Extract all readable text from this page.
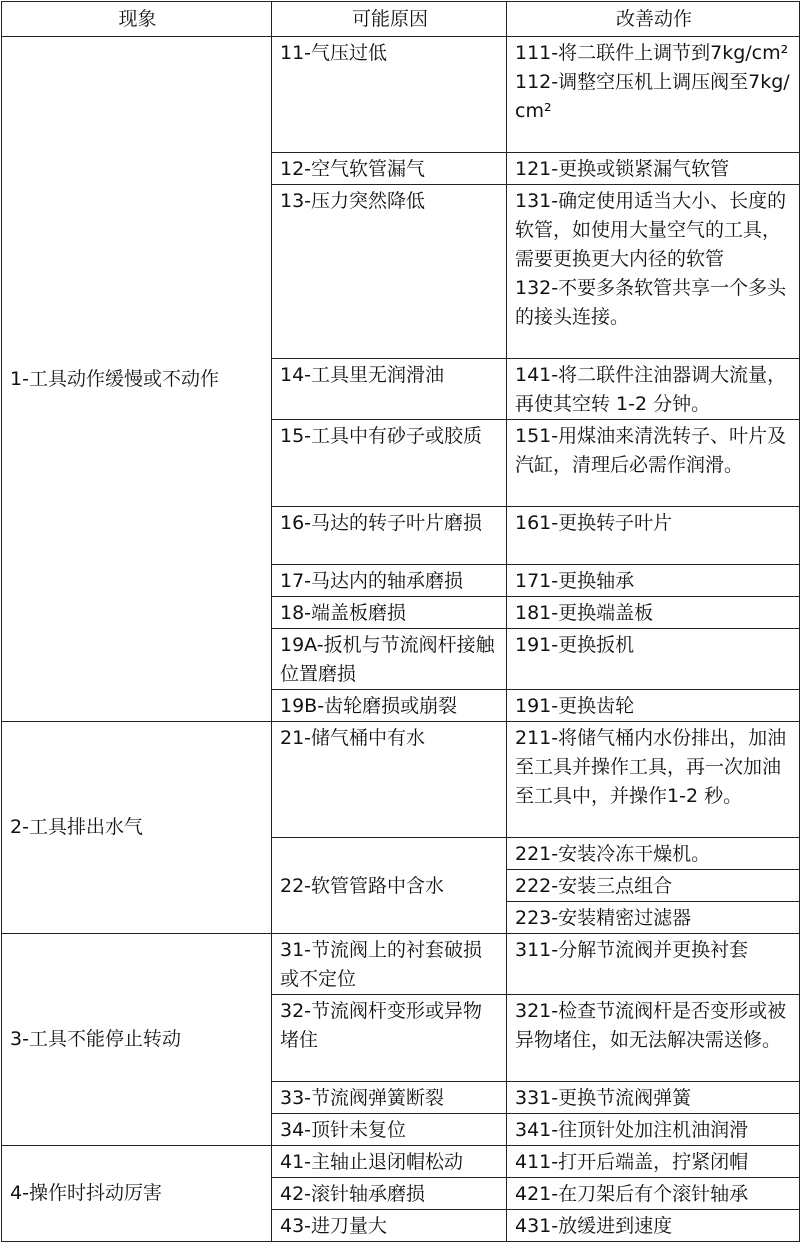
现象	可能原因	改善动作
1-工具动作缓慢或不动作	11-气压过低	111-将二联件上调节到7kg/cm²
112-调整空压机上调压阀至7kg/cm²

	12-空气软管漏气	121-更换或锁紧漏气软管

	13-压力突然降低	131-确定使用适当大小、长度的软管，如使用大量空气的工具，需要更换更大内径的软管
132-不要多条软管共享一个多头的接头连接。

	14-工具里无润滑油	141-将二联件注油器调大流量，再使其空转 1-2 分钟。

	15-工具中有砂子或胶质	151-用煤油来清洗转子、叶片及汽缸，清理后必需作润滑。

	16-马达的转子叶片磨损	161-更换转子叶片

	17-马达内的轴承磨损	171-更换轴承

	18-端盖板磨损	181-更换端盖板

	19A-扳机与节流阀杆接触位置磨损	191-更换扳机

	19B-齿轮磨损或崩裂	191-更换齿轮

2-工具排出水气	21-储气桶中有水	211-将储气桶内水份排出，加油至工具并操作工具，再一次加油至工具中，并操作1-2 秒。

	22-软管管路中含水	221-安装冷冻干燥机。

		222-安装三点组合

		223-安装精密过滤器

3-工具不能停止转动	31-节流阀上的衬套破损或不定位	311-分解节流阀并更换衬套

	32-节流阀杆变形或异物堵住	321-检查节流阀杆是否变形或被异物堵住，如无法解决需送修。

	33-节流阀弹簧断裂	331-更换节流阀弹簧

	34-顶针未复位	341-往顶针处加注机油润滑

4-操作时抖动厉害	41-主轴止退闭帽松动	411-打开后端盖，拧紧闭帽

	42-滚针轴承磨损	421-在刀架后有个滚针轴承

	43-进刀量大	431-放缓进到速度
